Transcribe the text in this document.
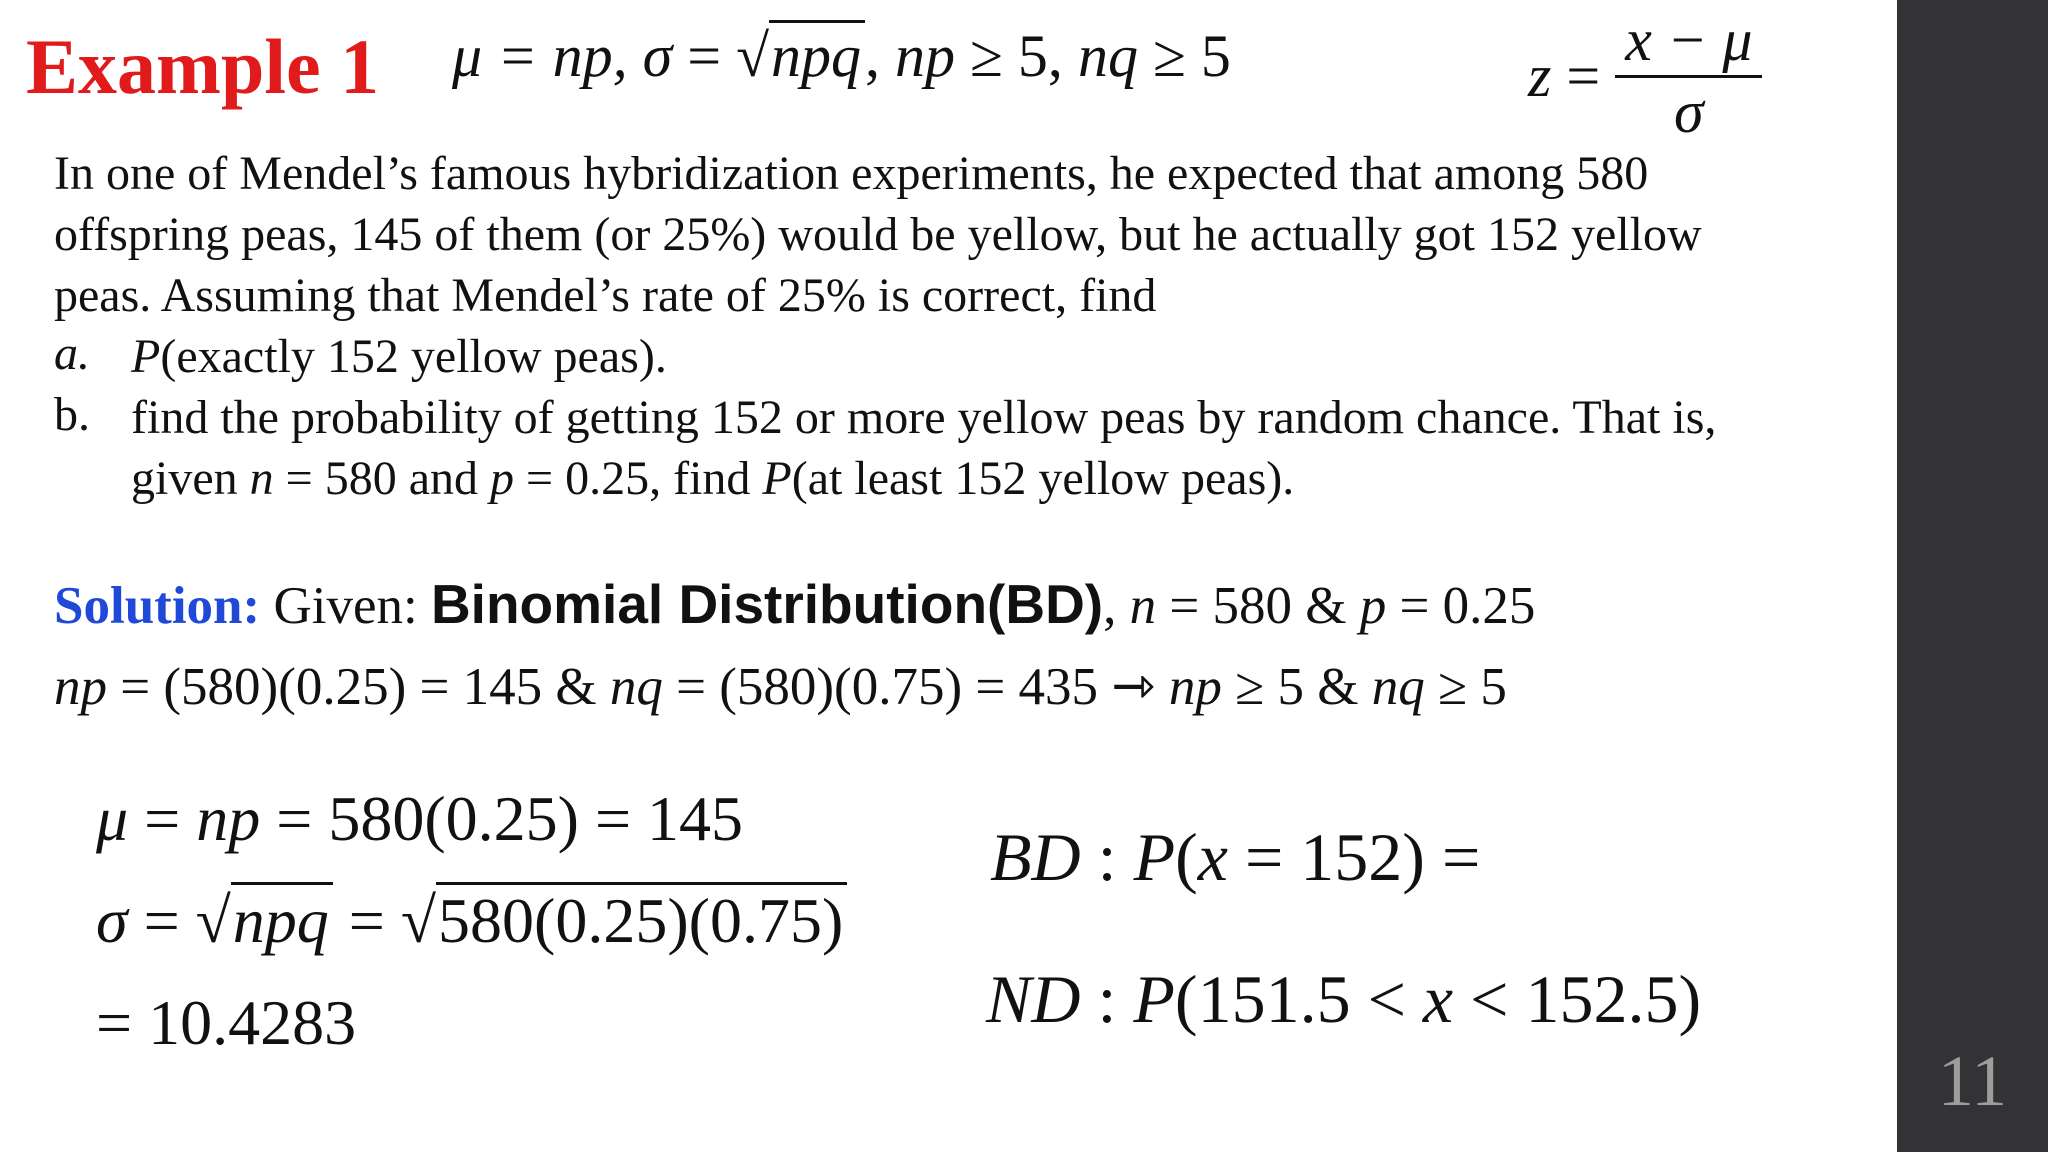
Example 1 μ = np, σ = √npq, np ≥ 5, nq ≥ 5	$z = \frac{x - \mu}{\sigma}$
In one of Mendel’s famous hybridization experiments, he expected that among 580
offspring peas, 145 of them (or 25%) would be yellow, but he actually got 152 yellow
peas. Assuming that Mendel’s rate of 25% is correct, find
a. P(exactly 152 yellow peas).
b. find the probability of getting 152 or more yellow peas by random chance. That is,
given n = 580 and p = 0.25, find P(at least 152 yellow peas).
Solution: Given: Binomial Distribution(BD), n = 580 & p = 0.25
np = (580)(0.25) = 145 & nq = (580)(0.75) = 435 ⇾ np ≥ 5 & nq ≥ 5
μ = np = 580(0.25) = 145
σ = √npq = √580(0.25)(0.75)
= 10.4283
BD : P(x = 152) =
ND : P(151.5 < x < 152.5)
11
